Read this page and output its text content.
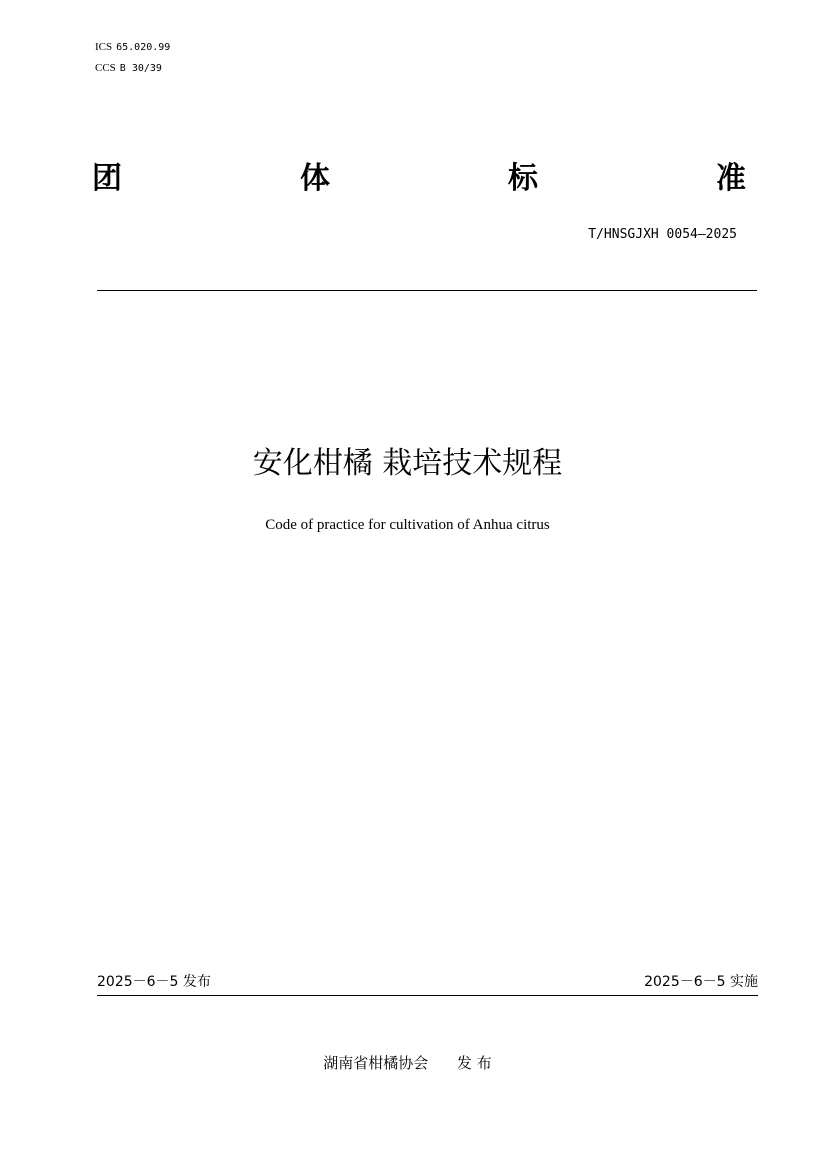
ICS 65.020.99
CCS B 30/39
团	体	标	准
T/HNSGJXH 0054—2025
安化柑橘 栽培技术规程
Code of practice for cultivation of Anhua citrus
2025－6－5 发布	2025－6－5 实施
湖南省柑橘协会 发 布
